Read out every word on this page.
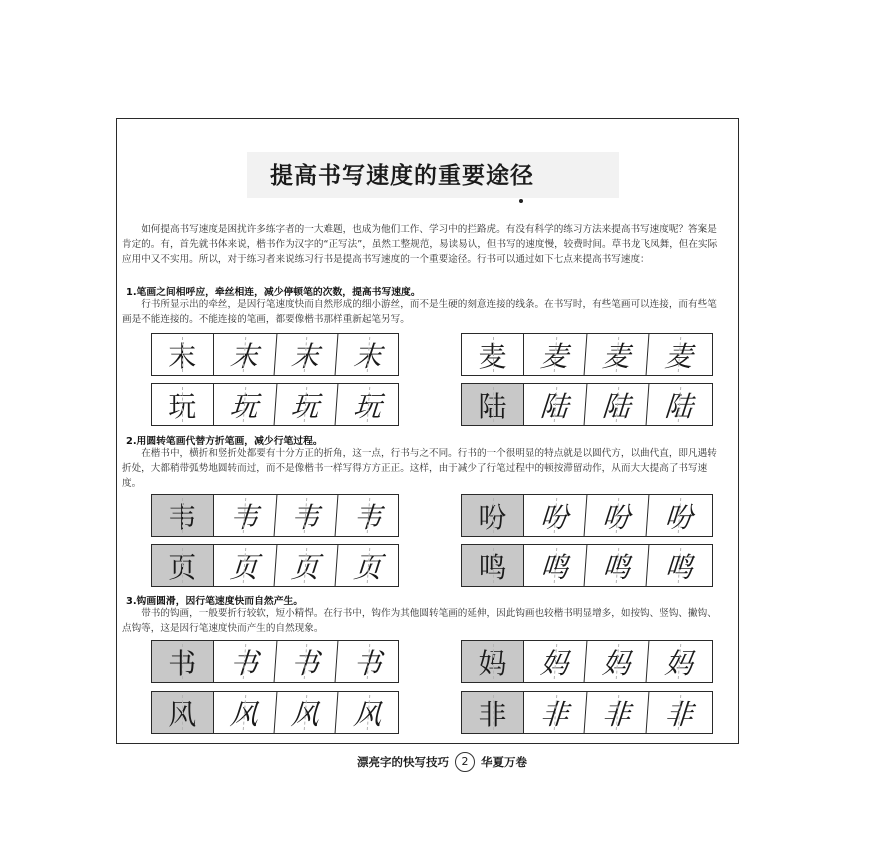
提高书写速度的重要途径

如何提高书写速度是困扰许多练字者的一大难题，也成为他们工作、学习中的拦路虎。有没有科学的练习方法来提高书写速度呢？答案是肯定的。有，首先就书体来说，楷书作为汉字的“正写法”，虽然工整规范，易读易认，但书写的速度慢，较费时间。草书龙飞凤舞，但在实际应用中又不实用。所以，对于练习者来说练习行书是提高书写速度的一个重要途径。行书可以通过如下七点来提高书写速度：

1.笔画之间相呼应，牵丝相连，减少停顿笔的次数，提高书写速度。

行书所显示出的牵丝，是因行笔速度快而自然形成的细小游丝，而不是生硬的刻意连接的线条。在书写时，有些笔画可以连接，而有些笔画是不能连接的。不能连接的笔画，都要像楷书那样重新起笔另写。

末	末	末	末	麦	麦	麦	麦
玩	玩	玩	玩	陆	陆	陆	陆
2.用圆转笔画代替方折笔画，减少行笔过程。

在楷书中，横折和竖折处都要有十分方正的折角，这一点，行书与之不同。行书的一个很明显的特点就是以圆代方，以曲代直，即凡遇转折处，大都稍带弧势地圆转而过，而不是像楷书一样写得方方正正。这样，由于减少了行笔过程中的顿按滞留动作，从而大大提高了书写速度。

韦	韦	韦	韦	吩	吩	吩	吩
页	页	页	页	鸣	鸣	鸣	鸣
3.钩画圆滑，因行笔速度快而自然产生。

带书的钩画，一般要折行较软，短小精悍。在行书中，钩作为其他圆转笔画的延伸，因此钩画也较楷书明显增多，如按钩、竖钩、撇钩、点钩等，这是因行笔速度快而产生的自然现象。

书	书	书	书	妈	妈	妈	妈
风	风	风	风	非	非	非	非
漂亮字的快写技巧	2	华夏万卷
